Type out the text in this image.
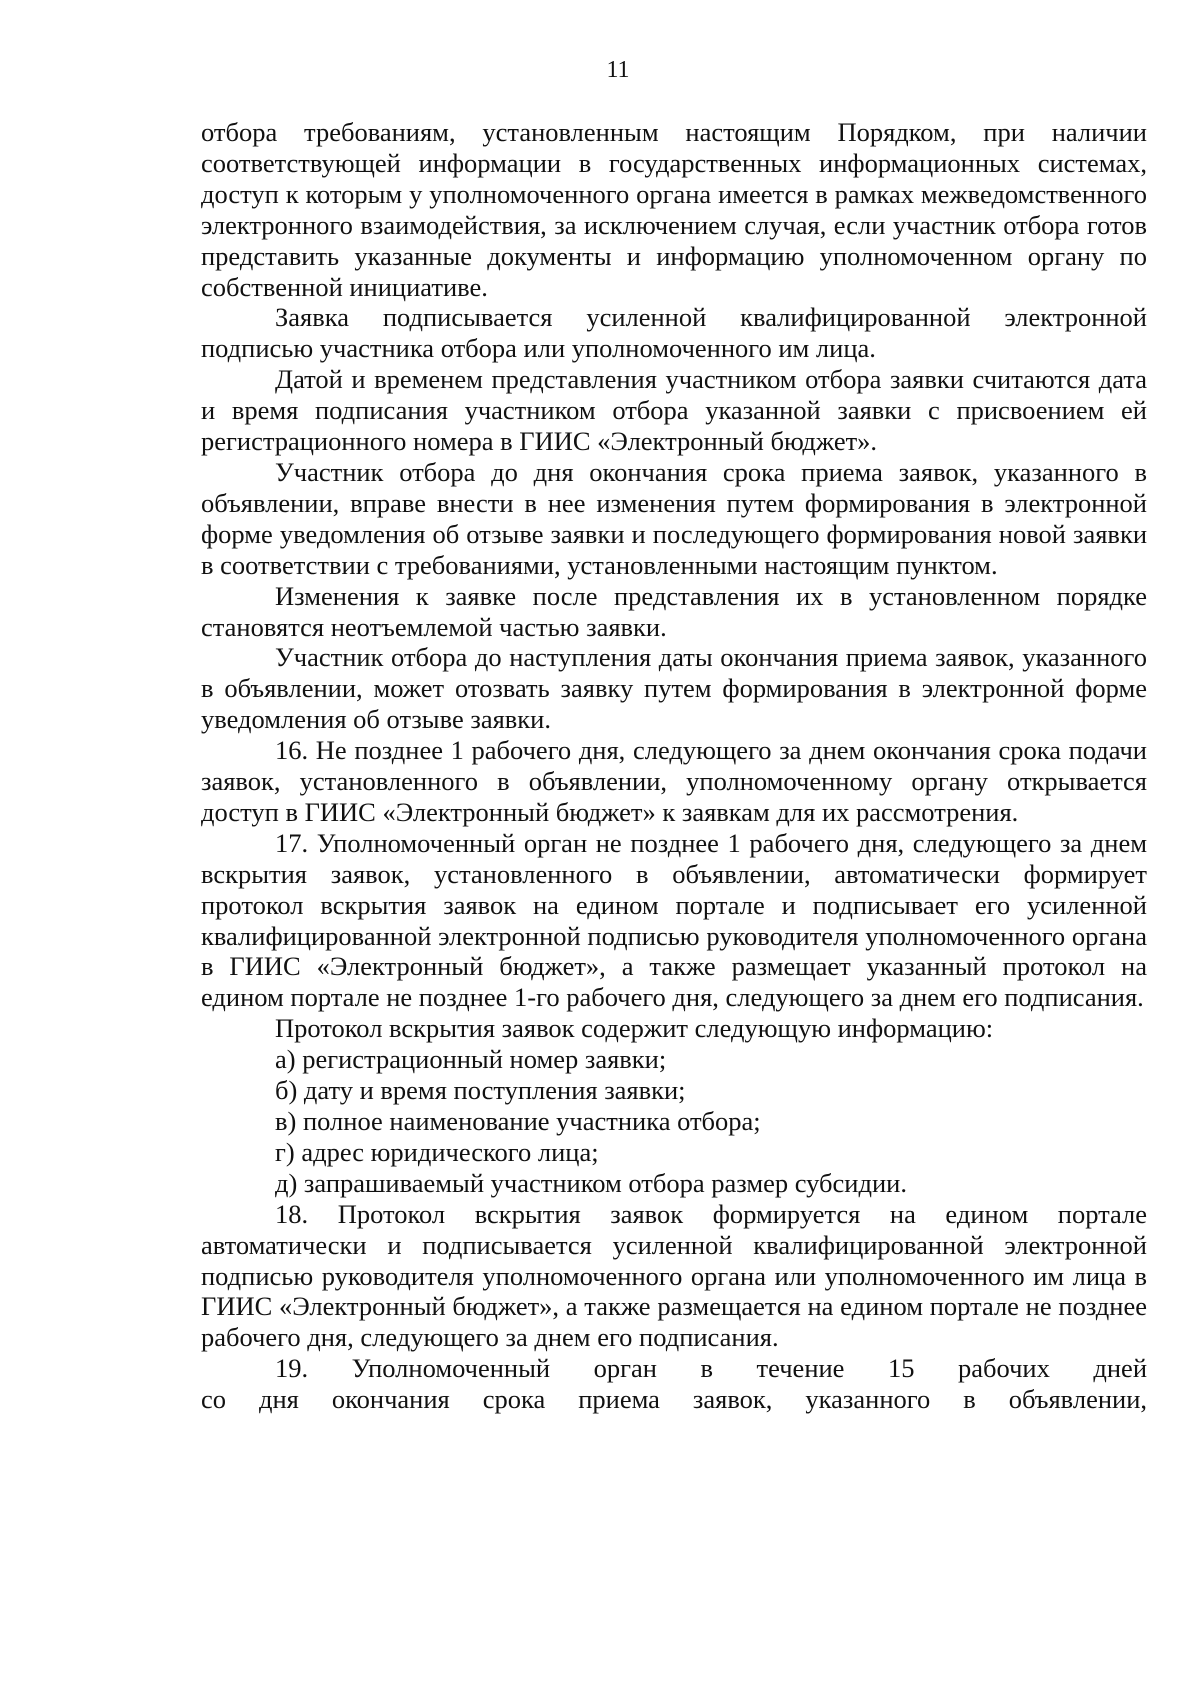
11

отбора требованиям, установленным настоящим Порядком, при наличии соответствующей информации в государственных информационных системах, доступ к которым у уполномоченного органа имеется в рамках межведомственного электронного взаимодействия, за исключением случая, если участник отбора готов представить указанные документы и информацию уполномоченном органу по собственной инициативе.

Заявка подписывается усиленной квалифицированной электронной подписью участника отбора или уполномоченного им лица.

Датой и временем представления участником отбора заявки считаются дата и время подписания участником отбора указанной заявки с присвоением ей регистрационного номера в ГИИС «Электронный бюджет».

Участник отбора до дня окончания срока приема заявок, указанного в объявлении, вправе внести в нее изменения путем формирования в электронной форме уведомления об отзыве заявки и последующего формирования новой заявки в соответствии с требованиями, установленными настоящим пунктом.

Изменения к заявке после представления их в установленном порядке становятся неотъемлемой частью заявки.

Участник отбора до наступления даты окончания приема заявок, указанного в объявлении, может отозвать заявку путем формирования в электронной форме уведомления об отзыве заявки.

16. Не позднее 1 рабочего дня, следующего за днем окончания срока подачи заявок, установленного в объявлении, уполномоченному органу открывается доступ в ГИИС «Электронный бюджет» к заявкам для их рассмотрения.

17. Уполномоченный орган не позднее 1 рабочего дня, следующего за днем вскрытия заявок, установленного в объявлении, автоматически формирует протокол вскрытия заявок на едином портале и подписывает его усиленной квалифицированной электронной подписью руководителя уполномоченного органа в ГИИС «Электронный бюджет», а также размещает указанный протокол на едином портале не позднее 1-го рабочего дня, следующего за днем его подписания.

Протокол вскрытия заявок содержит следующую информацию:

а) регистрационный номер заявки;

б) дату и время поступления заявки;

в) полное наименование участника отбора;

г) адрес юридического лица;

д) запрашиваемый участником отбора размер субсидии.

18. Протокол вскрытия заявок формируется на едином портале автоматически и подписывается усиленной квалифицированной электронной подписью руководителя уполномоченного органа или уполномоченного им лица в ГИИС «Электронный бюджет», а также размещается на едином портале не позднее рабочего дня, следующего за днем его подписания.

19. Уполномоченный орган в течение 15 рабочих дней
со дня окончания срока приема заявок, указанного в объявлении,
